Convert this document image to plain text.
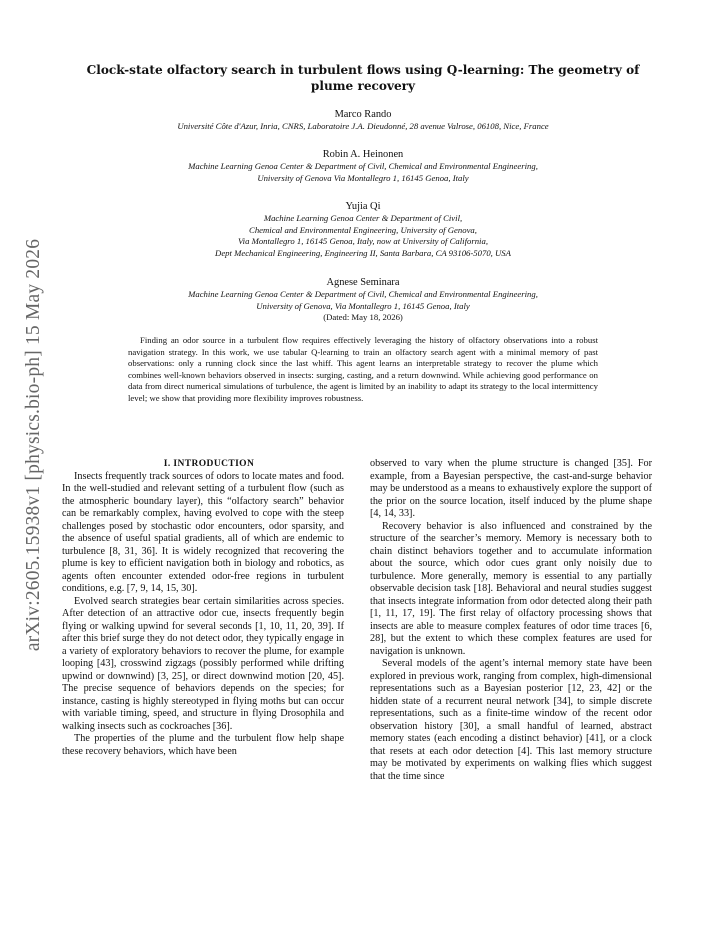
arXiv:2605.15938v1 [physics.bio-ph] 15 May 2026
Clock-state olfactory search in turbulent flows using Q-learning: The geometry of plume recovery
Marco Rando
Université Côte d'Azur, Inria, CNRS, Laboratoire J.A. Dieudonné, 28 avenue Valrose, 06108, Nice, France
Robin A. Heinonen
Machine Learning Genoa Center & Department of Civil, Chemical and Environmental Engineering,
University of Genova Via Montallegro 1, 16145 Genoa, Italy
Yujia Qi
Machine Learning Genoa Center & Department of Civil,
Chemical and Environmental Engineering, University of Genova,
Via Montallegro 1, 16145 Genoa, Italy, now at University of California,
Dept Mechanical Engineering, Engineering II, Santa Barbara, CA 93106-5070, USA
Agnese Seminara
Machine Learning Genoa Center & Department of Civil, Chemical and Environmental Engineering,
University of Genova, Via Montallegro 1, 16145 Genoa, Italy
(Dated: May 18, 2026)
Finding an odor source in a turbulent flow requires effectively leveraging the history of olfactory observations into a robust navigation strategy. In this work, we use tabular Q-learning to train an olfactory search agent with a minimal memory of past observations: only a running clock since the last whiff. This agent learns an interpretable strategy to recover the plume which combines well-known behaviors observed in insects: surging, casting, and a return downwind. While achieving good performance on data from direct numerical simulations of turbulence, the agent is limited by an inability to adapt its strategy to the local intermittency level; we show that providing more flexibility improves robustness.

I. INTRODUCTION

Insects frequently track sources of odors to locate mates and food. In the well-studied and relevant setting of a turbulent flow (such as the atmospheric boundary layer), this “olfactory search” behavior can be remarkably complex, having evolved to cope with the steep challenges posed by stochastic odor encounters, odor sparsity, and the absence of useful spatial gradients, all of which are endemic to turbulence [8, 31, 36]. It is widely recognized that recovering the plume is key to efficient navigation both in biology and robotics, as agents often encounter extended odor-free regions in turbulent conditions, e.g. [7, 9, 14, 15, 30].

Evolved search strategies bear certain similarities across species. After detection of an attractive odor cue, insects frequently begin flying or walking upwind for several seconds [1, 10, 11, 20, 39]. If after this brief surge they do not detect odor, they typically engage in a variety of exploratory behaviors to recover the plume, for example looping [43], crosswind zigzags (possibly performed while drifting upwind or downwind) [3, 25], or direct downwind motion [20, 45]. The precise sequence of behaviors depends on the species; for instance, casting is highly stereotyped in flying moths but can occur with variable timing, speed, and structure in flying Drosophila and walking insects such as cockroaches [36].

The properties of the plume and the turbulent flow help shape these recovery behaviors, which have been

observed to vary when the plume structure is changed [35]. For example, from a Bayesian perspective, the cast-and-surge behavior may be understood as a means to exhaustively explore the support of the prior on the source location, itself induced by the plume shape [4, 14, 33].

Recovery behavior is also influenced and constrained by the structure of the searcher’s memory. Memory is necessary both to chain distinct behaviors together and to accumulate information about the source, which odor cues grant only noisily due to turbulence. More generally, memory is essential to any partially observable decision task [18]. Behavioral and neural studies suggest that insects integrate information from odor detected along their path [1, 11, 17, 19]. The first relay of olfactory processing shows that insects are able to measure complex features of odor time traces [6, 28], but the extent to which these complex features are used for navigation is unknown.

Several models of the agent’s internal memory state have been explored in previous work, ranging from complex, high-dimensional representations such as a Bayesian posterior [12, 23, 42] or the hidden state of a recurrent neural network [34], to simple discrete representations, such as a finite-time window of the recent odor observation history [30], a small handful of learned, abstract memory states (each encoding a distinct behavior) [41], or a clock that resets at each odor detection [4]. This last memory structure may be motivated by experiments on walking flies which suggest that the time since
